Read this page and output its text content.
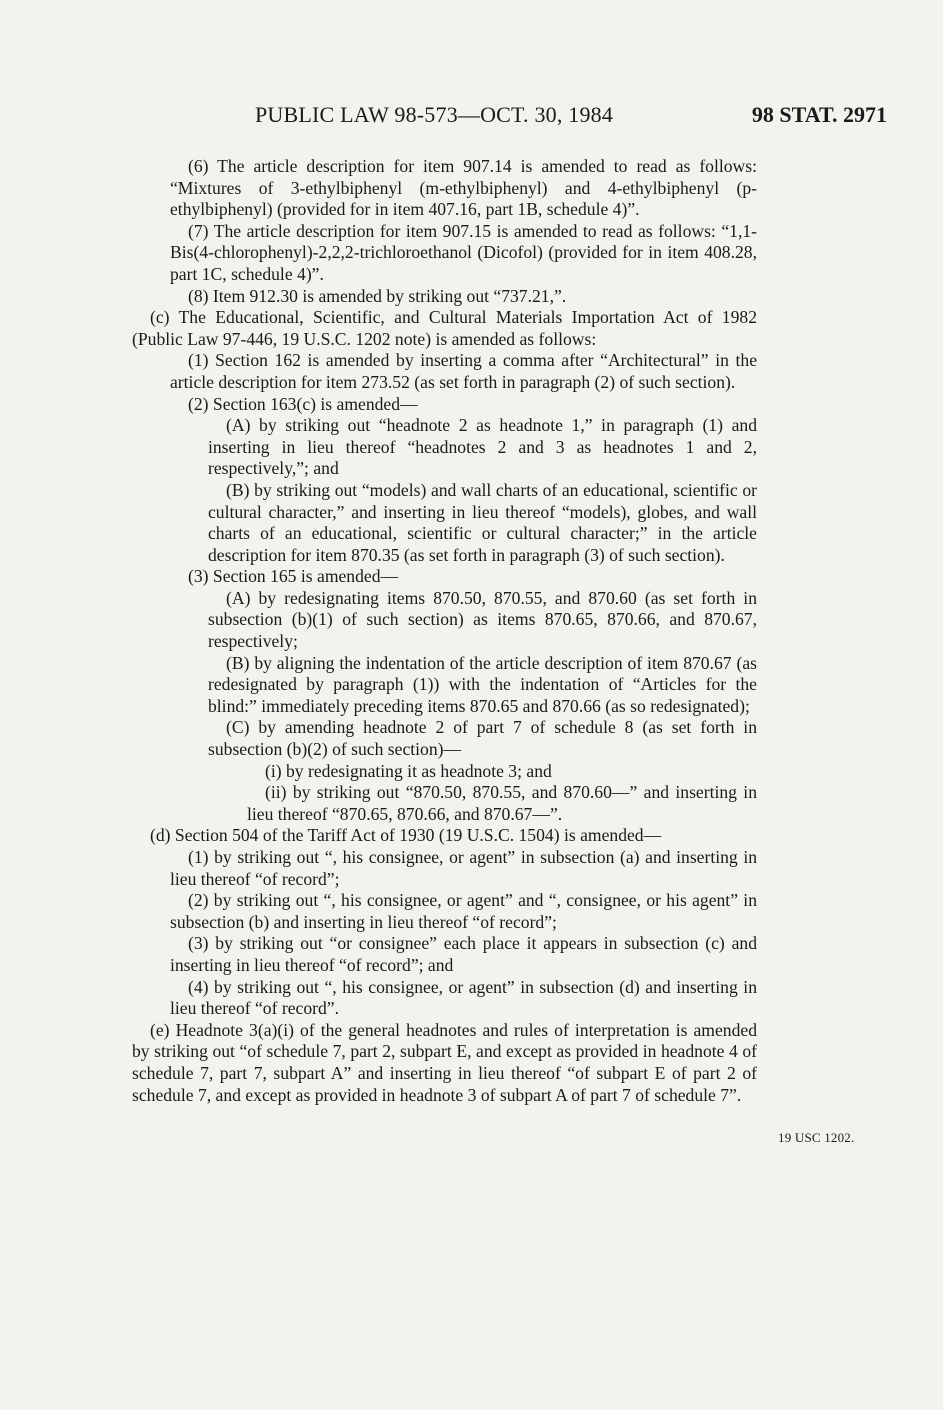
PUBLIC LAW 98-573—OCT. 30, 1984	98 STAT. 2971
19 USC 1202.

(6) The article description for item 907.14 is amended to read as follows: “Mixtures of 3-ethylbiphenyl (m-ethylbiphenyl) and 4-ethylbiphenyl (p-ethylbiphenyl) (provided for in item 407.16, part 1B, schedule 4)”.

(7) The article description for item 907.15 is amended to read as follows: “1,1-Bis(4-chlorophenyl)-2,2,2-trichloroethanol (Dicofol) (provided for in item 408.28, part 1C, schedule 4)”.

(8) Item 912.30 is amended by striking out “737.21,”.

(c) The Educational, Scientific, and Cultural Materials Importation Act of 1982 (Public Law 97-446, 19 U.S.C. 1202 note) is amended as follows:

(1) Section 162 is amended by inserting a comma after “Architectural” in the article description for item 273.52 (as set forth in paragraph (2) of such section).

(2) Section 163(c) is amended—

(A) by striking out “headnote 2 as headnote 1,” in paragraph (1) and inserting in lieu thereof “headnotes 2 and 3 as headnotes 1 and 2, respectively,”; and

(B) by striking out “models) and wall charts of an educational, scientific or cultural character,” and inserting in lieu thereof “models), globes, and wall charts of an educational, scientific or cultural character;” in the article description for item 870.35 (as set forth in paragraph (3) of such section).

(3) Section 165 is amended—

(A) by redesignating items 870.50, 870.55, and 870.60 (as set forth in subsection (b)(1) of such section) as items 870.65, 870.66, and 870.67, respectively;

(B) by aligning the indentation of the article description of item 870.67 (as redesignated by paragraph (1)) with the indentation of “Articles for the blind:” immediately preceding items 870.65 and 870.66 (as so redesignated);

(C) by amending headnote 2 of part 7 of schedule 8 (as set forth in subsection (b)(2) of such section)—

(i) by redesignating it as headnote 3; and

(ii) by striking out “870.50, 870.55, and 870.60—” and inserting in lieu thereof “870.65, 870.66, and 870.67—”.

(d) Section 504 of the Tariff Act of 1930 (19 U.S.C. 1504) is amended—

(1) by striking out “, his consignee, or agent” in subsection (a) and inserting in lieu thereof “of record”;

(2) by striking out “, his consignee, or agent” and “, consignee, or his agent” in subsection (b) and inserting in lieu thereof “of record”;

(3) by striking out “or consignee” each place it appears in subsection (c) and inserting in lieu thereof “of record”; and

(4) by striking out “, his consignee, or agent” in subsection (d) and inserting in lieu thereof “of record”.

(e) Headnote 3(a)(i) of the general headnotes and rules of interpretation is amended by striking out “of schedule 7, part 2, subpart E, and except as provided in headnote 4 of schedule 7, part 7, subpart A” and inserting in lieu thereof “of subpart E of part 2 of schedule 7, and except as provided in headnote 3 of subpart A of part 7 of schedule 7”.
